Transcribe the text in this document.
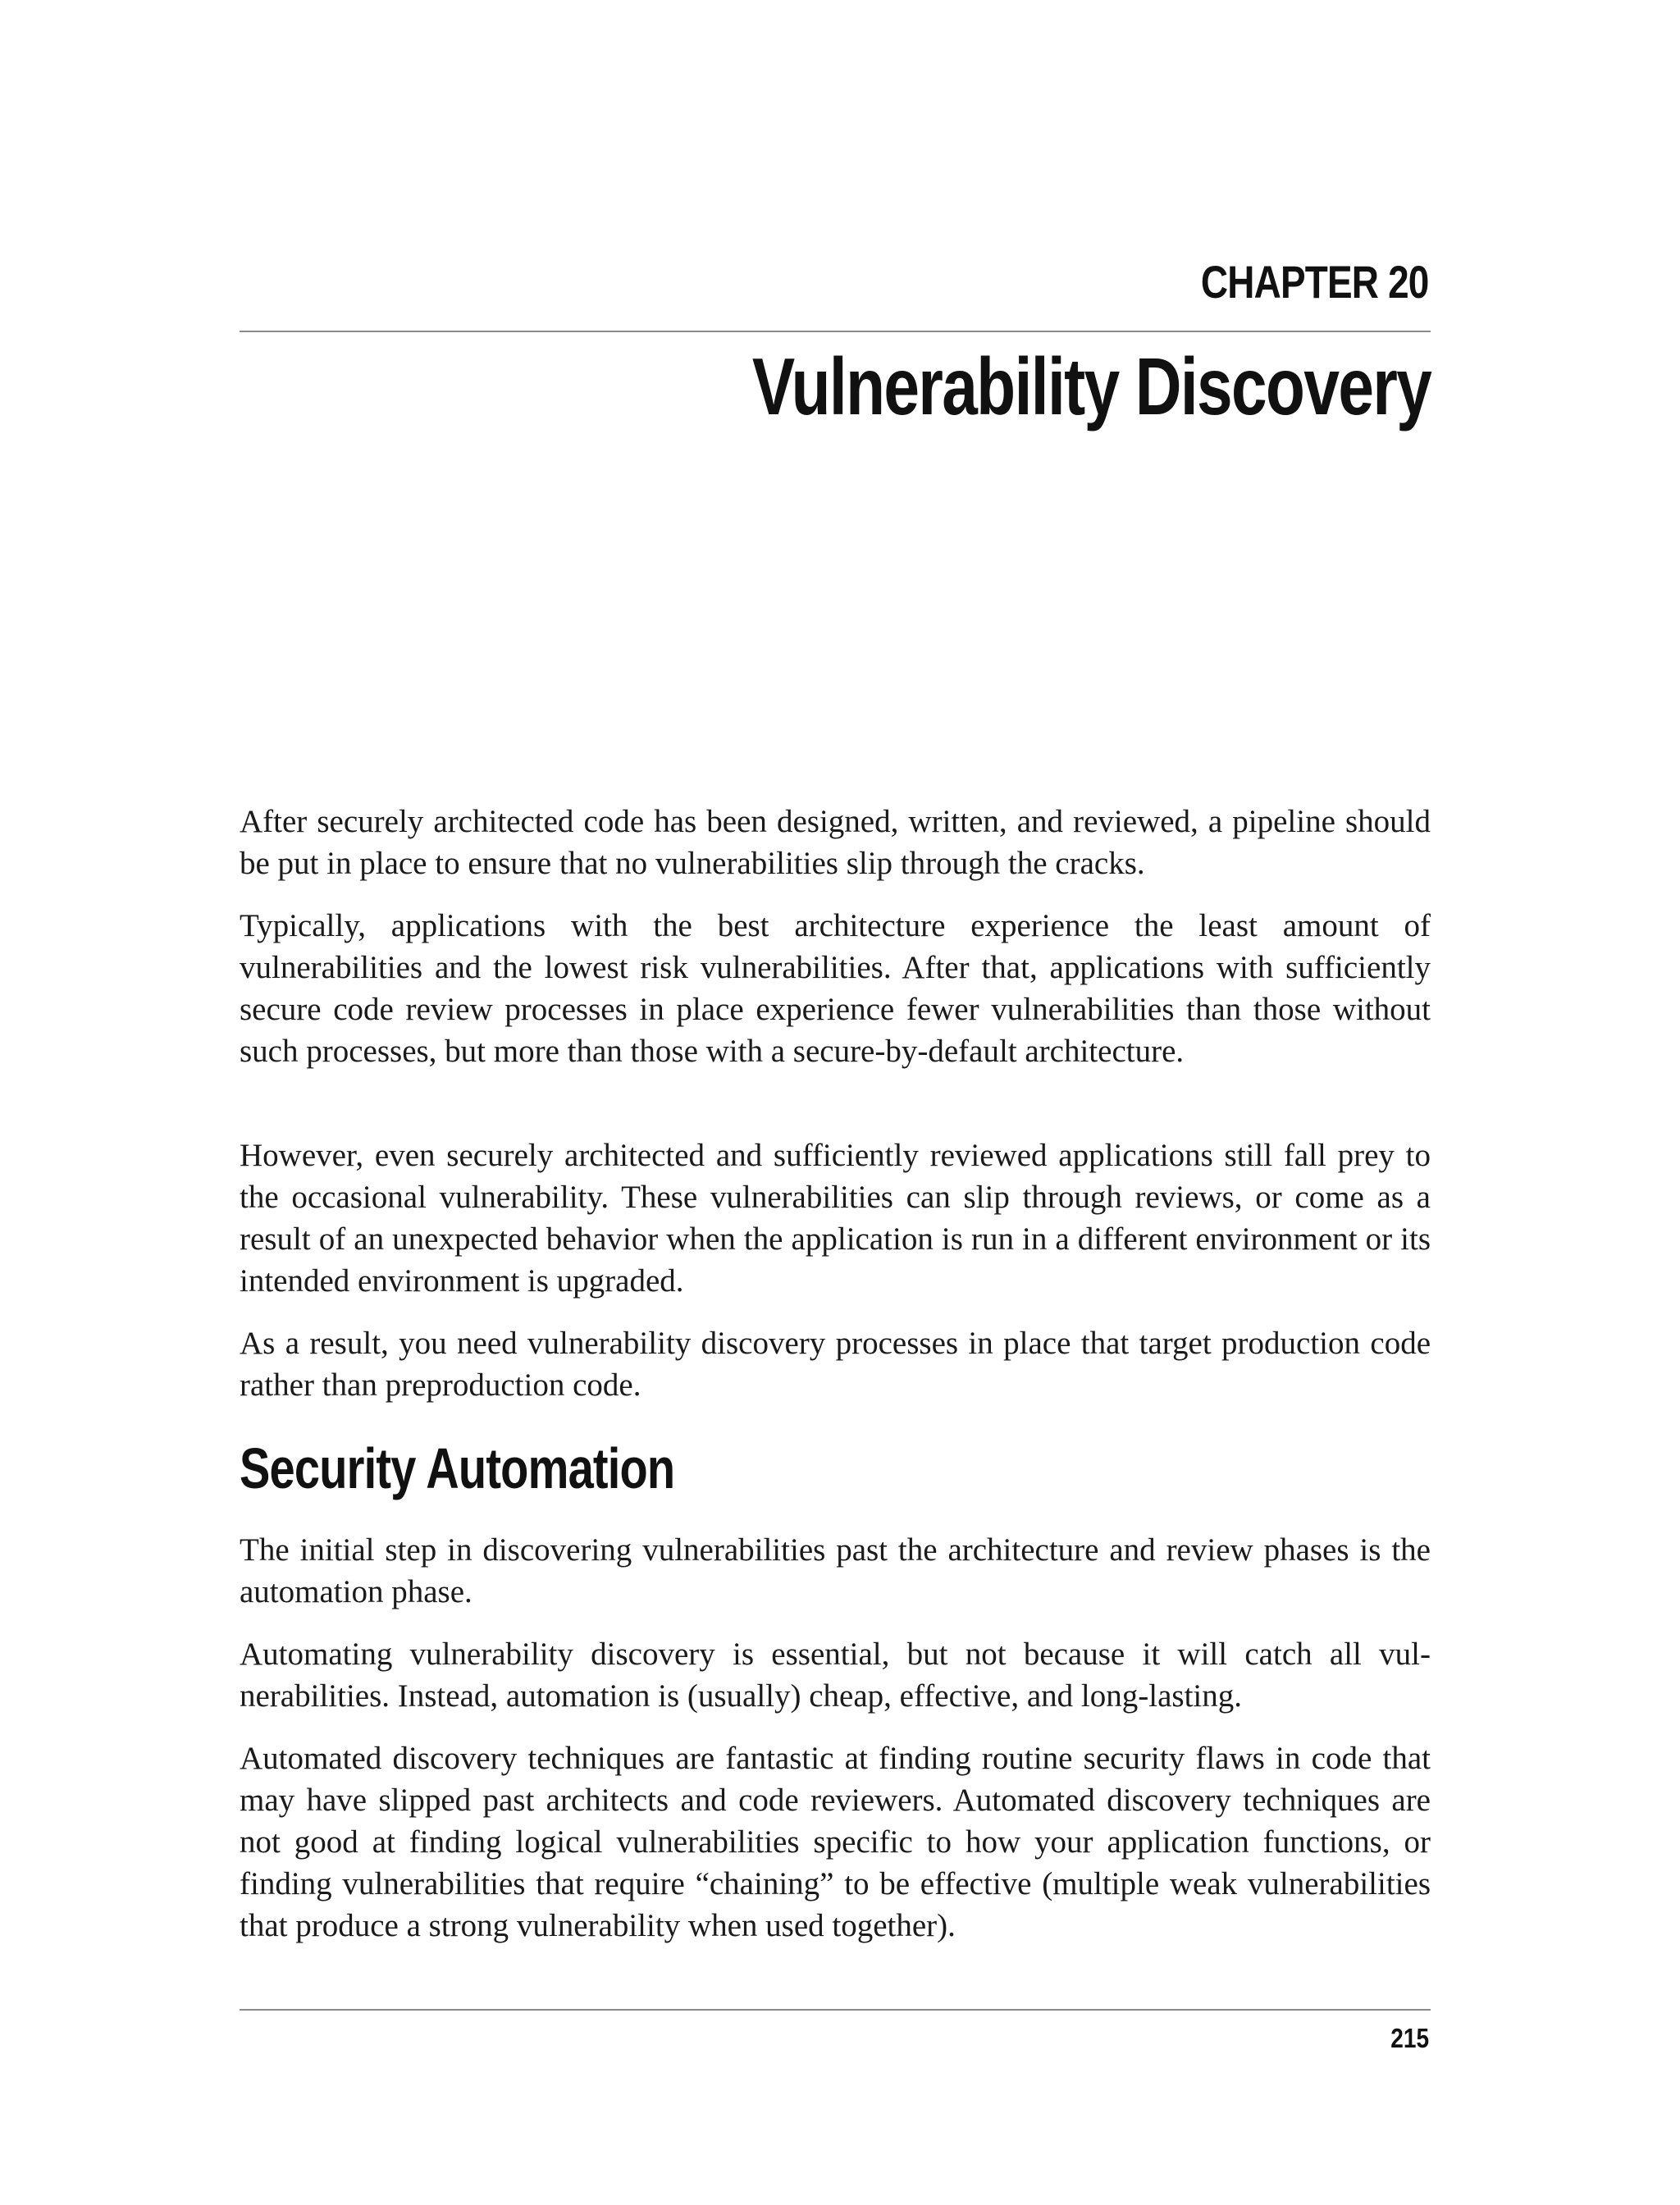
CHAPTER 20
Vulnerability Discovery

After securely architected code has been designed, written, and reviewed, a pipeline should be put in place to ensure that no vulnerabilities slip through the cracks.

Typically, applications with the best architecture experience the least amount of vulnerabilities and the lowest risk vulnerabilities. After that, applications with sufficiently secure code review processes in place experience fewer vulnerabilities than those without such processes, but more than those with a secure-by-default architecture.

However, even securely architected and sufficiently reviewed applications still fall prey to the occasional vulnerability. These vulnerabilities can slip through reviews, or come as a result of an unexpected behavior when the application is run in a different environment or its intended environment is upgraded.

As a result, you need vulnerability discovery processes in place that target production code rather than preproduction code.

Security Automation

The initial step in discovering vulnerabilities past the architecture and review phases is the automation phase.

Automating vulnerability discovery is essential, but not because it will catch all vulnerabilities. Instead, automation is (usually) cheap, effective, and long-lasting.

Automated discovery techniques are fantastic at finding routine security flaws in code that may have slipped past architects and code reviewers. Automated discovery techniques are not good at finding logical vulnerabilities specific to how your application functions, or finding vulnerabilities that require “chaining” to be effective (multiple weak vulnerabilities that produce a strong vulnerability when used together).

215
